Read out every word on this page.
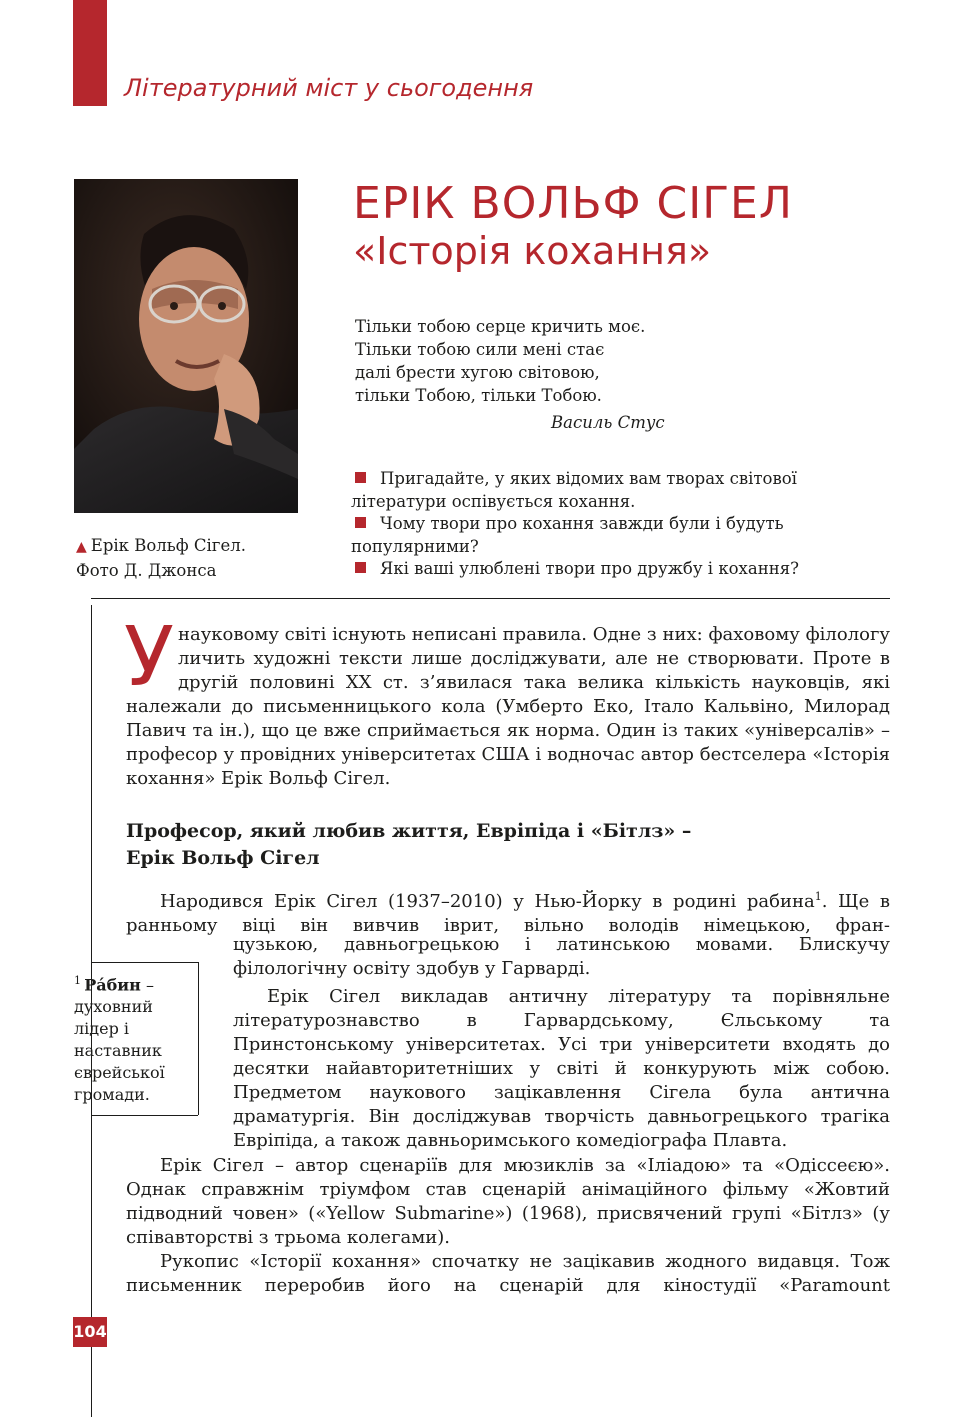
Літературний міст у сьогодення
▲ Ерік Вольф Сігел.
Фото Д. Джонса
ЕРІК ВОЛЬФ СІГЕЛ
«Історія кохання»
Тільки тобою серце кричить моє.
Тільки тобою сили мені стає
далі брести хугою світовою,
тільки Тобою, тільки Тобою.
Василь Стус
Пригадайте, у яких відомих вам творах світової літератури оспівується кохання.
Чому твори про кохання завжди були і будуть популярними?
Які ваші улюблені твори про дружбу і кохання?
Унауковому світі існують неписані правила. Одне з них: фаховому філологу личить художні тексти лише досліджувати, але не створювати. Проте в другій половині XX ст. з’явилася така велика кількість науковців, які належали до письменницького кола (Умберто Еко, Італо Кальвіно, Милорад Павич та ін.), що це вже сприймається як норма. Один із таких «універсалів» – професор у провідних університетах США і водночас автор бестселера «Історія кохання» Ерік Вольф Сігел.
Професор, який любив життя, Евріпіда і «Бітлз» –
Ерік Вольф Сігел
Народився Ерік Сігел (1937–2010) у Нью-Йорку в родині рабина$^1$. Ще в ранньому віці він вивчив іврит, вільно володів німецькою, фран-
цузькою, давньогрецькою і латинською мовами. Блискучу філологічну освіту здобув у Гарварді.
Ерік Сігел викладав античну літературу та порівняльне літературознавство в Гарвардському, Єльському та Принстонському університетах. Усі три університети входять до десятки найавторитетніших у світі й конкурують між собою. Предметом наукового зацікавлення Сігела була антична драматургія. Він досліджував творчість давньогрецького трагіка Евріпіда, а також давньоримського комедіографа Плавта.
Ерік Сігел – автор сценаріїв для мюзиклів за «Іліадою» та «Одіссеєю». Однак справжнім тріумфом став сценарій анімаційного фільму «Жовтий підводний човен» («Yellow Submarine») (1968), присвячений групі «Бітлз» (у співавторстві з трьома колегами).
Рукопис «Історії кохання» спочатку не зацікавив жодного видавця. Тож письменник переробив його на сценарій для кіностудії «Paramount
$^1$  Ра́бин – духовний лідер і наставник єврейської громади.
104
